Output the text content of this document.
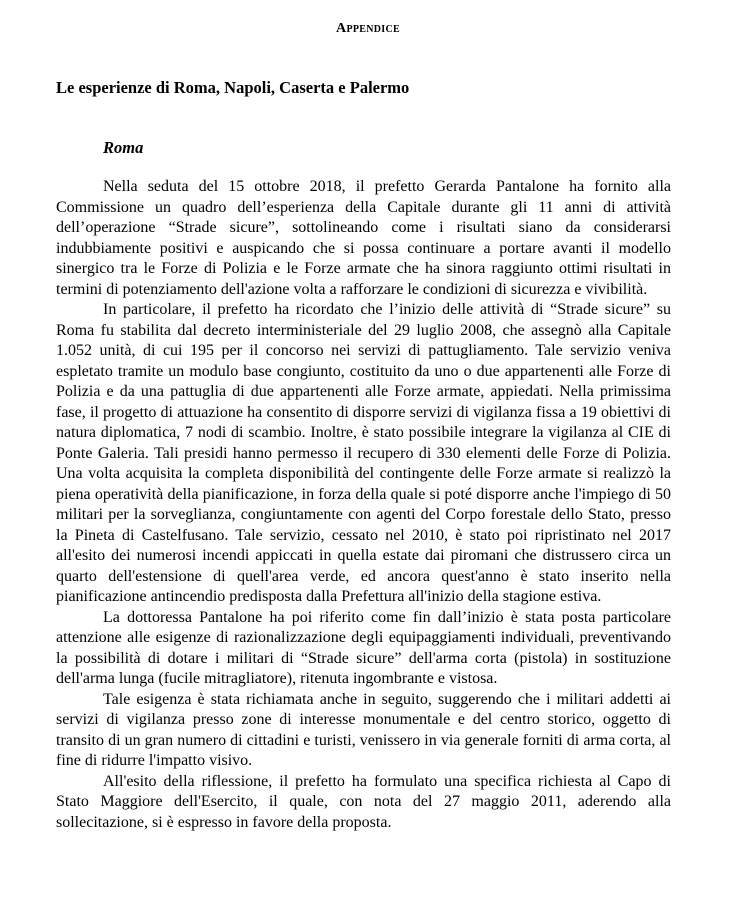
Appendice
Le esperienze di Roma, Napoli, Caserta e Palermo
Roma

Nella seduta del 15 ottobre 2018, il prefetto Gerarda Pantalone ha fornito alla Commissione un quadro dell’esperienza della Capitale durante gli 11 anni di attività dell’operazione “Strade sicure”, sottolineando come i risultati siano da considerarsi indubbiamente positivi e auspicando che si possa continuare a portare avanti il modello sinergico tra le Forze di Polizia e le Forze armate che ha sinora raggiunto ottimi risultati in termini di potenziamento dell'azione volta a rafforzare le condizioni di sicurezza e vivibilità.

In particolare, il prefetto ha ricordato che l’inizio delle attività di “Strade sicure” su Roma fu stabilita dal decreto interministeriale del 29 luglio 2008, che assegnò alla Capitale 1.052 unità, di cui 195 per il concorso nei servizi di pattugliamento. Tale servizio veniva espletato tramite un modulo base congiunto, costituito da uno o due appartenenti alle Forze di Polizia e da una pattuglia di due appartenenti alle Forze armate, appiedati. Nella primissima fase, il progetto di attuazione ha consentito di disporre servizi di vigilanza fissa a 19 obiettivi di natura diplomatica, 7 nodi di scambio. Inoltre, è stato possibile integrare la vigilanza al CIE di Ponte Galeria. Tali presidi hanno permesso il recupero di 330 elementi delle Forze di Polizia. Una volta acquisita la completa disponibilità del contingente delle Forze armate si realizzò la piena operatività della pianificazione, in forza della quale si poté disporre anche l'impiego di 50 militari per la sorveglianza, congiuntamente con agenti del Corpo forestale dello Stato, presso la Pineta di Castelfusano. Tale servizio, cessato nel 2010, è stato poi ripristinato nel 2017 all'esito dei numerosi incendi appiccati in quella estate dai piromani che distrussero circa un quarto dell'estensione di quell'area verde, ed ancora quest'anno è stato inserito nella pianificazione antincendio predisposta dalla Prefettura all'inizio della stagione estiva.

La dottoressa Pantalone ha poi riferito come fin dall’inizio è stata posta particolare attenzione alle esigenze di razionalizzazione degli equipaggiamenti individuali, preventivando la possibilità di dotare i militari di “Strade sicure” dell'arma corta (pistola) in sostituzione dell'arma lunga (fucile mitragliatore), ritenuta ingombrante e vistosa.

Tale esigenza è stata richiamata anche in seguito, suggerendo che i militari addetti ai servizi di vigilanza presso zone di interesse monumentale e del centro storico, oggetto di transito di un gran numero di cittadini e turisti, venissero in via generale forniti di arma corta, al fine di ridurre l'impatto visivo.

All'esito della riflessione, il prefetto ha formulato una specifica richiesta al Capo di Stato Maggiore dell'Esercito, il quale, con nota del 27 maggio 2011, aderendo alla sollecitazione, si è espresso in favore della proposta.
